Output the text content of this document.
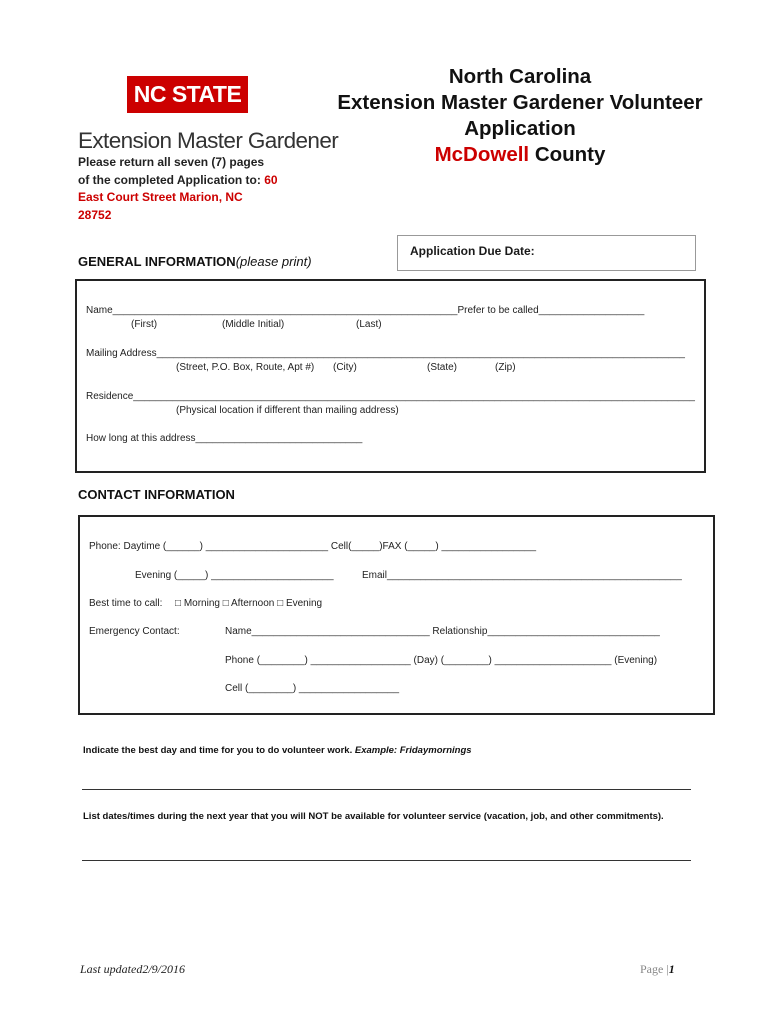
NC STATE
Extension Master Gardener
Please return all seven (7) pages of the completed Application to: 60 East Court Street Marion, NC 28752
North Carolina
Extension Master Gardener Volunteer
Application
McDowell County
Application Due Date:
GENERAL INFORMATION(please print)
Name______________________________________________________________Prefer to be called___________________
(First)	(Middle Initial)	(Last)
Mailing Address_______________________________________________________________________________________________
(Street, P.O. Box, Route, Apt #) (City)	(State)	(Zip)
Residence_____________________________________________________________________________________________________
(Physical location if different than mailing address)
How long at this address______________________________
CONTACT INFORMATION
Phone: Daytime (______) ______________________ Cell(_____)FAX (_____) _________________
Evening (_____) ______________________	Email_____________________________________________________
Best time to call: □ Morning □ Afternoon □ Evening
Emergency Contact:	Name________________________________ Relationship_______________________________
Phone (________) __________________ (Day) (________) _____________________ (Evening)
Cell (________) __________________
Indicate the best day and time for you to do volunteer work. Example: Fridaymornings
List dates/times during the next year that you will NOT be available for volunteer service (vacation, job, and other commitments).
Last updated2/9/2016	Page |1
